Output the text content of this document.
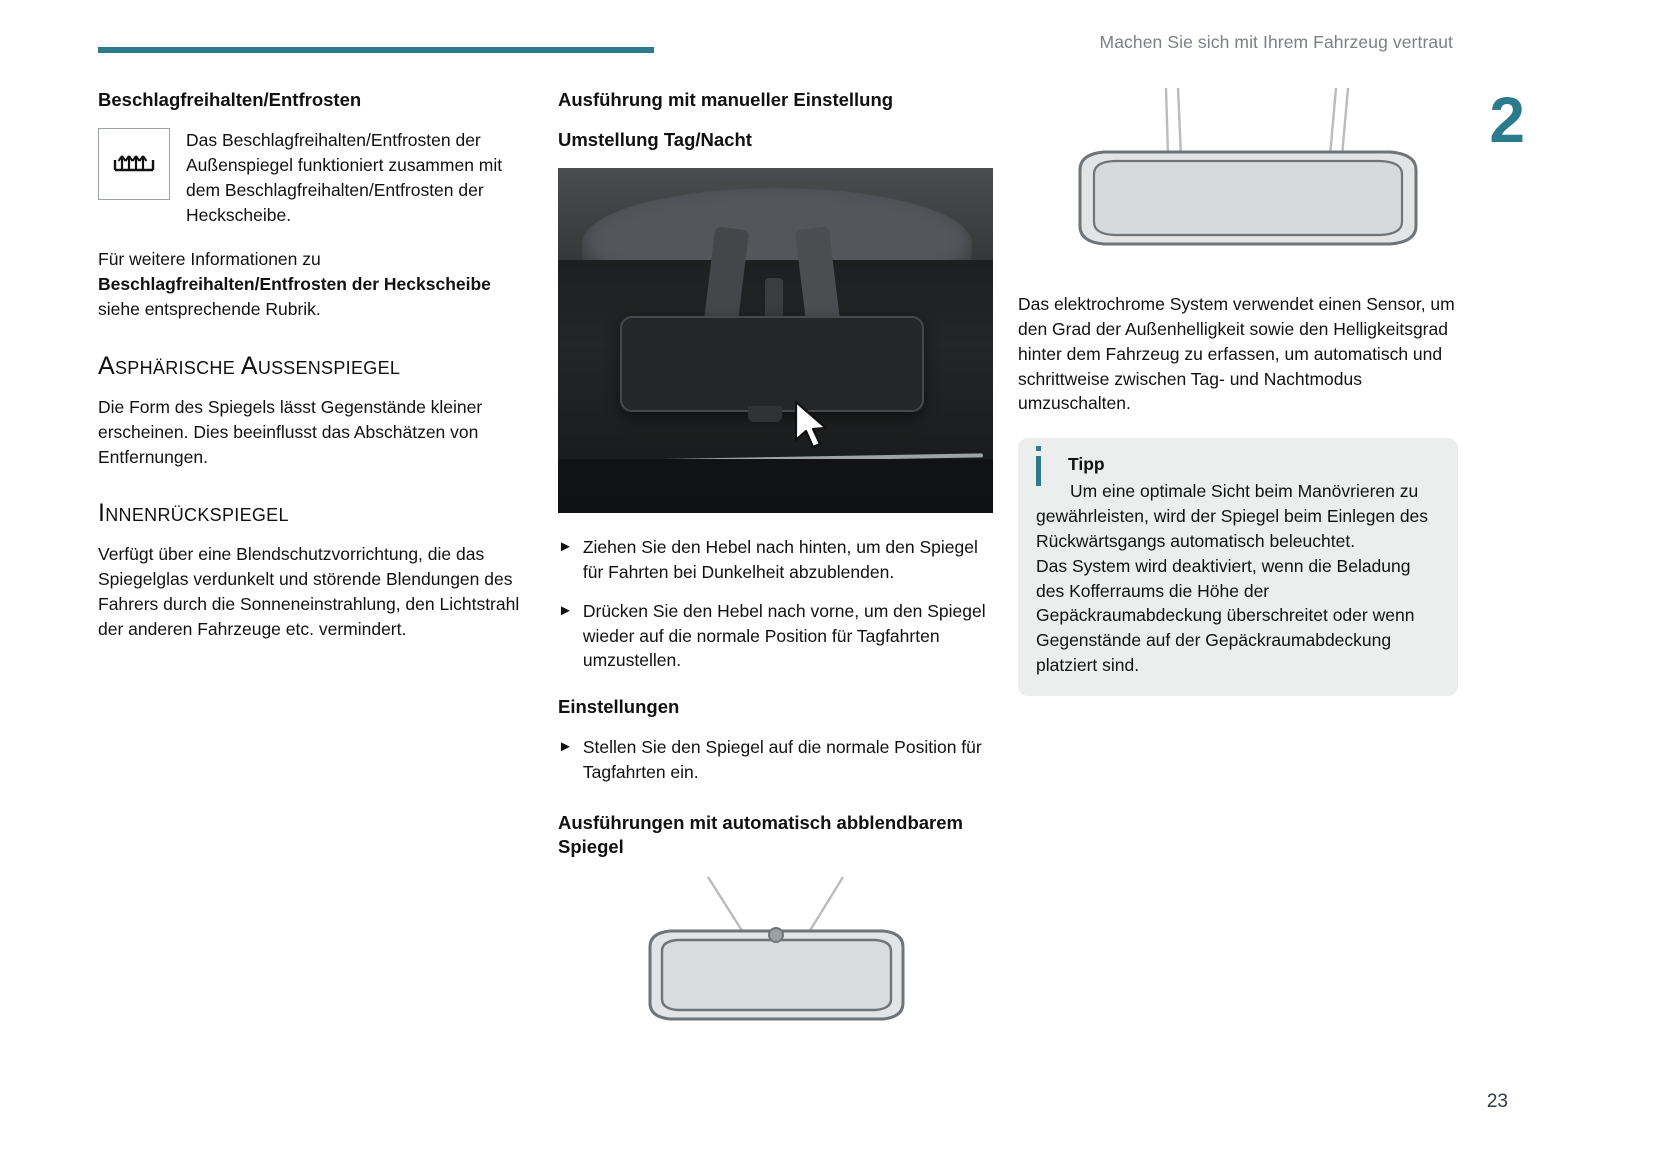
Machen Sie sich mit Ihrem Fahrzeug vertraut
2
23
Beschlagfreihalten/Entfrosten

Das Beschlagfreihalten/Entfrosten der Außenspiegel funktioniert zusammen mit dem Beschlagfreihalten/Entfrosten der Heckscheibe.

Für weitere Informationen zu Beschlagfreihalten/Entfrosten der Heckscheibe siehe entsprechende Rubrik.

Asphärische Außenspiegel

Die Form des Spiegels lässt Gegenstände kleiner erscheinen. Dies beeinflusst das Abschätzen von Entfernungen.

Innenrückspiegel

Verfügt über eine Blendschutzvorrichtung, die das Spiegelglas verdunkelt und störende Blendungen des Fahrers durch die Sonneneinstrahlung, den Lichtstrahl der anderen Fahrzeuge etc. vermindert.

Ausführung mit manueller Einstellung
Umstellung Tag/Nacht
► Ziehen Sie den Hebel nach hinten, um den Spiegel für Fahrten bei Dunkelheit abzublenden.
► Drücken Sie den Hebel nach vorne, um den Spiegel wieder auf die normale Position für Tagfahrten umzustellen.
Einstellungen
► Stellen Sie den Spiegel auf die normale Position für Tagfahrten ein.
Ausführungen mit automatisch abblendbarem Spiegel

Das elektrochrome System verwendet einen Sensor, um den Grad der Außenhelligkeit sowie den Helligkeitsgrad hinter dem Fahrzeug zu erfassen, um automatisch und schrittweise zwischen Tag- und Nachtmodus umzuschalten.

Tipp

Um eine optimale Sicht beim Manövrieren zu gewährleisten, wird der Spiegel beim Einlegen des Rückwärtsgangs automatisch beleuchtet.

Das System wird deaktiviert, wenn die Beladung des Kofferraums die Höhe der Gepäckraumabdeckung überschreitet oder wenn Gegenstände auf der Gepäckraumabdeckung platziert sind.
